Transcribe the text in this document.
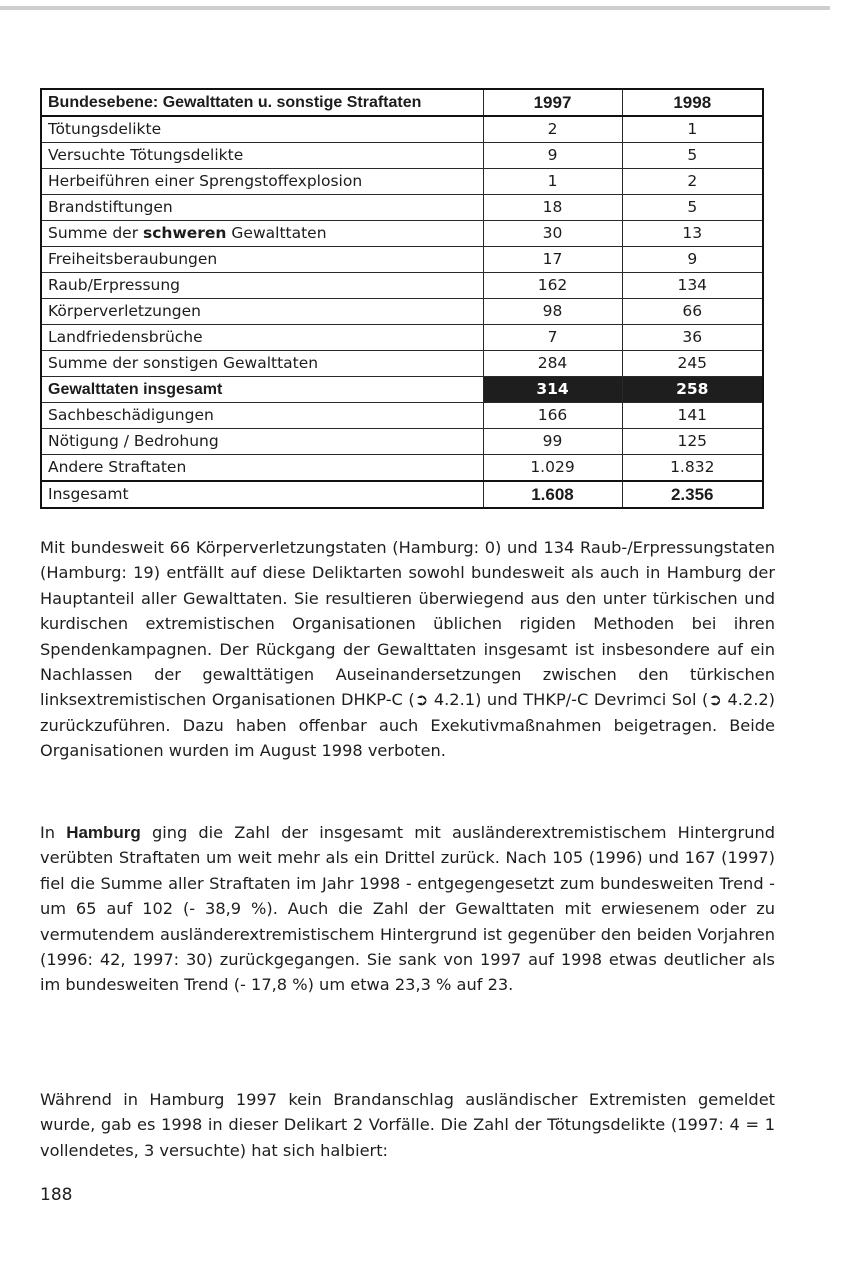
Bundesebene: Gewalttaten u. sonstige Straftaten	1997	1998
Tötungsdelikte	2	1
Versuchte Tötungsdelikte	9	5
Herbeiführen einer Sprengstoffexplosion	1	2
Brandstiftungen	18	5
Summe der schweren Gewalttaten	30	13
Freiheitsberaubungen	17	9
Raub/Erpressung	162	134
Körperverletzungen	98	66
Landfriedensbrüche	7	36
Summe der sonstigen Gewalttaten	284	245
Gewalttaten insgesamt	314	258
Sachbeschädigungen	166	141
Nötigung / Bedrohung	99	125
Andere Straftaten	1.029	1.832
Insgesamt	1.608	2.356

Mit bundesweit 66 Körperverletzungstaten (Hamburg: 0) und 134 Raub-/Erpressungstaten (Hamburg: 19) entfällt auf diese Deliktarten sowohl bundesweit als auch in Hamburg der Hauptanteil aller Gewalttaten. Sie resultieren überwiegend aus den unter türkischen und kurdischen extremistischen Organisationen üblichen rigiden Methoden bei ihren Spendenkampagnen. Der Rückgang der Gewalttaten insgesamt ist insbesondere auf ein Nachlassen der gewalttätigen Auseinandersetzungen zwischen den türkischen linksextremistischen Organisationen DHKP-C (➲ 4.2.1) und THKP/-C Devrimci Sol (➲ 4.2.2) zurückzuführen. Dazu haben offenbar auch Exekutivmaßnahmen beigetragen. Beide Organisationen wurden im August 1998 verboten.

In Hamburg ging die Zahl der insgesamt mit ausländerextremistischem Hintergrund verübten Straftaten um weit mehr als ein Drittel zurück. Nach 105 (1996) und 167 (1997) fiel die Summe aller Straftaten im Jahr 1998 - entgegengesetzt zum bundesweiten Trend - um 65 auf 102 (- 38,9 %). Auch die Zahl der Gewalttaten mit erwiesenem oder zu vermutendem ausländerextremistischem Hintergrund ist gegenüber den beiden Vorjahren (1996: 42, 1997: 30) zurückgegangen. Sie sank von 1997 auf 1998 etwas deutlicher als im bundesweiten Trend (- 17,8 %) um etwa 23,3 % auf 23.

Während in Hamburg 1997 kein Brandanschlag ausländischer Extremisten gemeldet wurde, gab es 1998 in dieser Delikart 2 Vorfälle. Die Zahl der Tötungsdelikte (1997: 4 = 1 vollendetes, 3 versuchte) hat sich halbiert:

188
